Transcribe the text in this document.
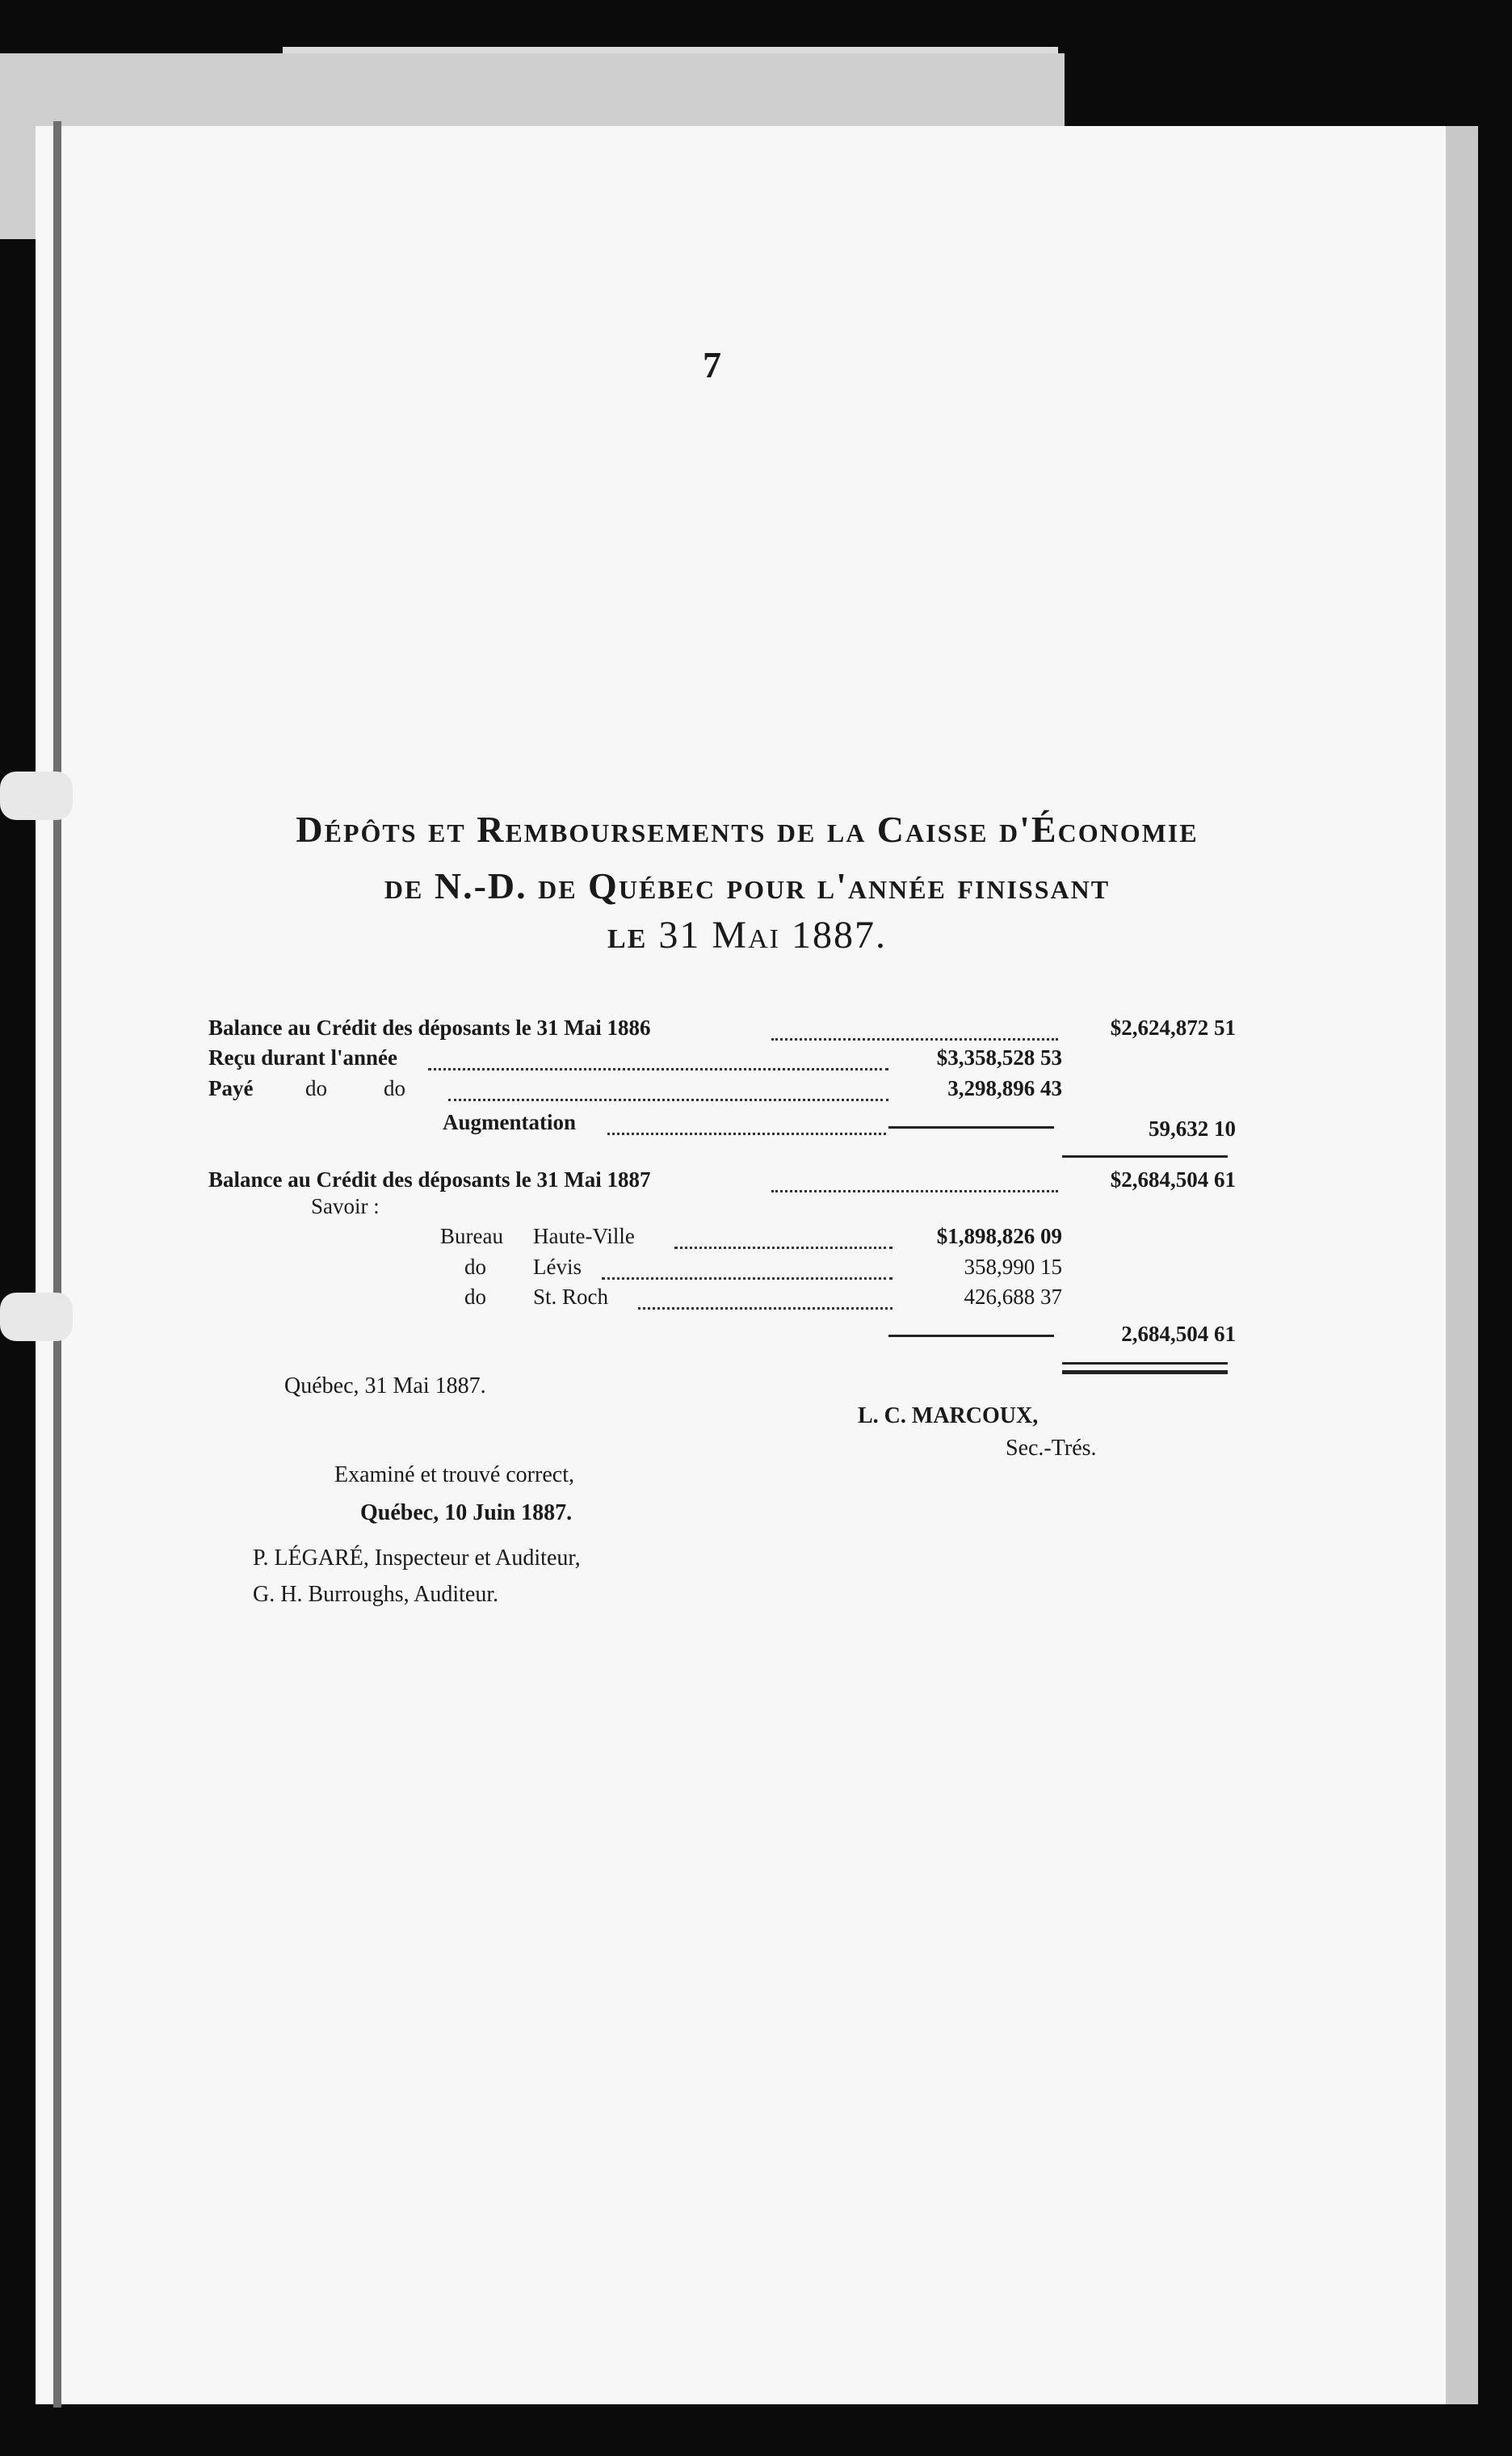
7
Dépôts et Remboursements de la Caisse d'Économie
de N.-D. de Québec pour l'année finissant
le 31 Mai 1887.
Balance au Crédit des déposants le 31 Mai 1886	$2,624,872 51
Reçu durant l'année	$3,358,528 53
Payé do	do	3,298,896 43
Augmentation	59,632 10
Balance au Crédit des déposants le 31 Mai 1887	$2,684,504 61
Savoir :
Bureau Haute-Ville	$1,898,826 09
do Lévis	358,990 15
do St. Roch	426,688 37
2,684,504 61
Québec, 31 Mai 1887.
L. C. MARCOUX,
Sec.-Trés.
Examiné et trouvé correct,
Québec, 10 Juin 1887.
P. LÉGARÉ, Inspecteur et Auditeur,
G. H. Burroughs, Auditeur.
